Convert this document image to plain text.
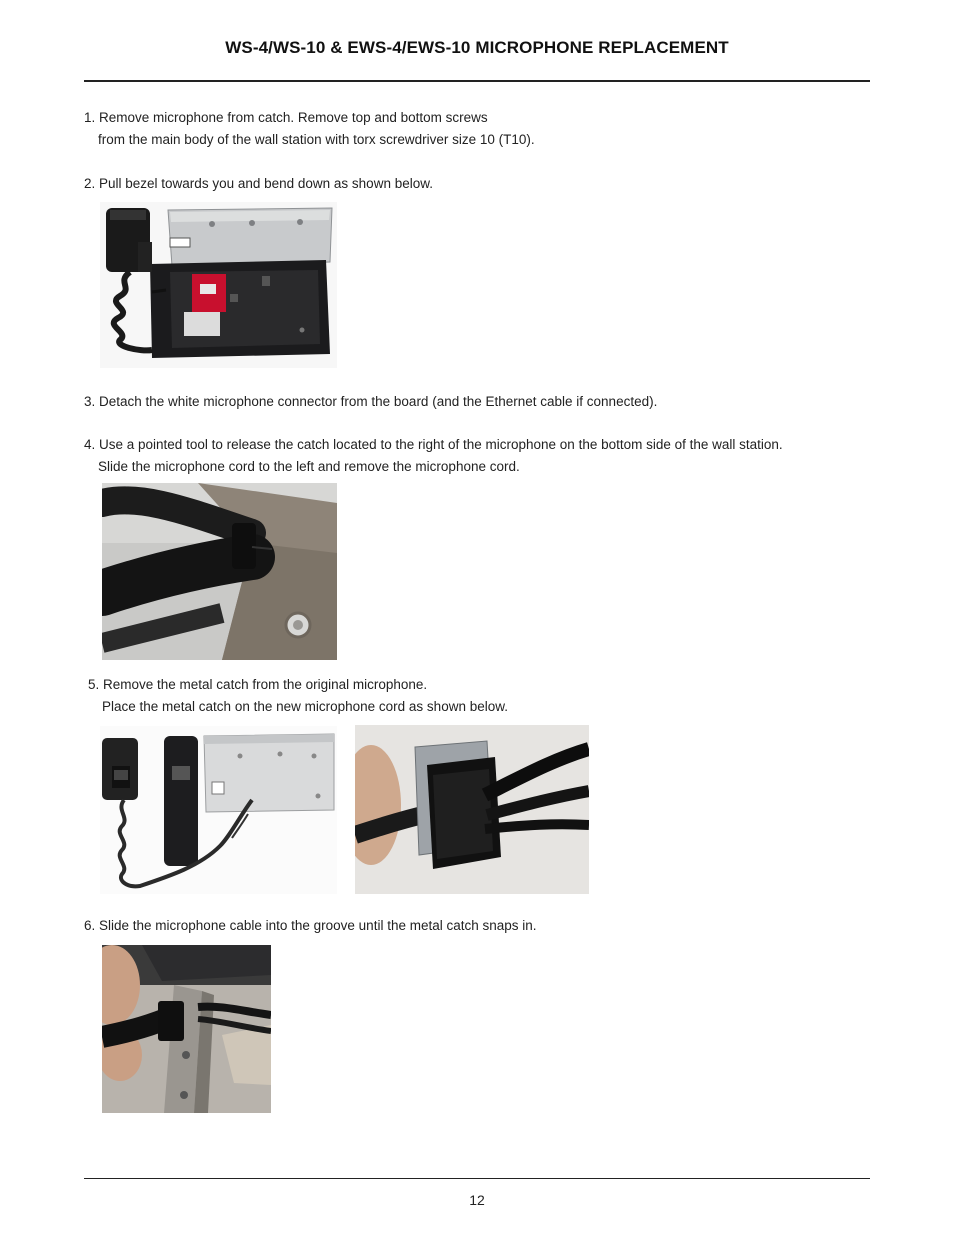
WS-4/WS-10 & EWS-4/EWS-10 MICROPHONE REPLACEMENT
1. Remove microphone from catch. Remove top and bottom screws
from the main body of the wall station with torx screwdriver size 10 (T10).
2. Pull bezel towards you and bend down as shown below.
3. Detach the white microphone connector from the board (and the Ethernet cable if connected).
4. Use a pointed tool to release the catch located to the right of the microphone on the bottom side of the wall station.
Slide the microphone cord to the left and remove the microphone cord.
5. Remove the metal catch from the original microphone.
Place the metal catch on the new microphone cord as shown below.
6. Slide the microphone cable into the groove until the metal catch snaps in.
12
